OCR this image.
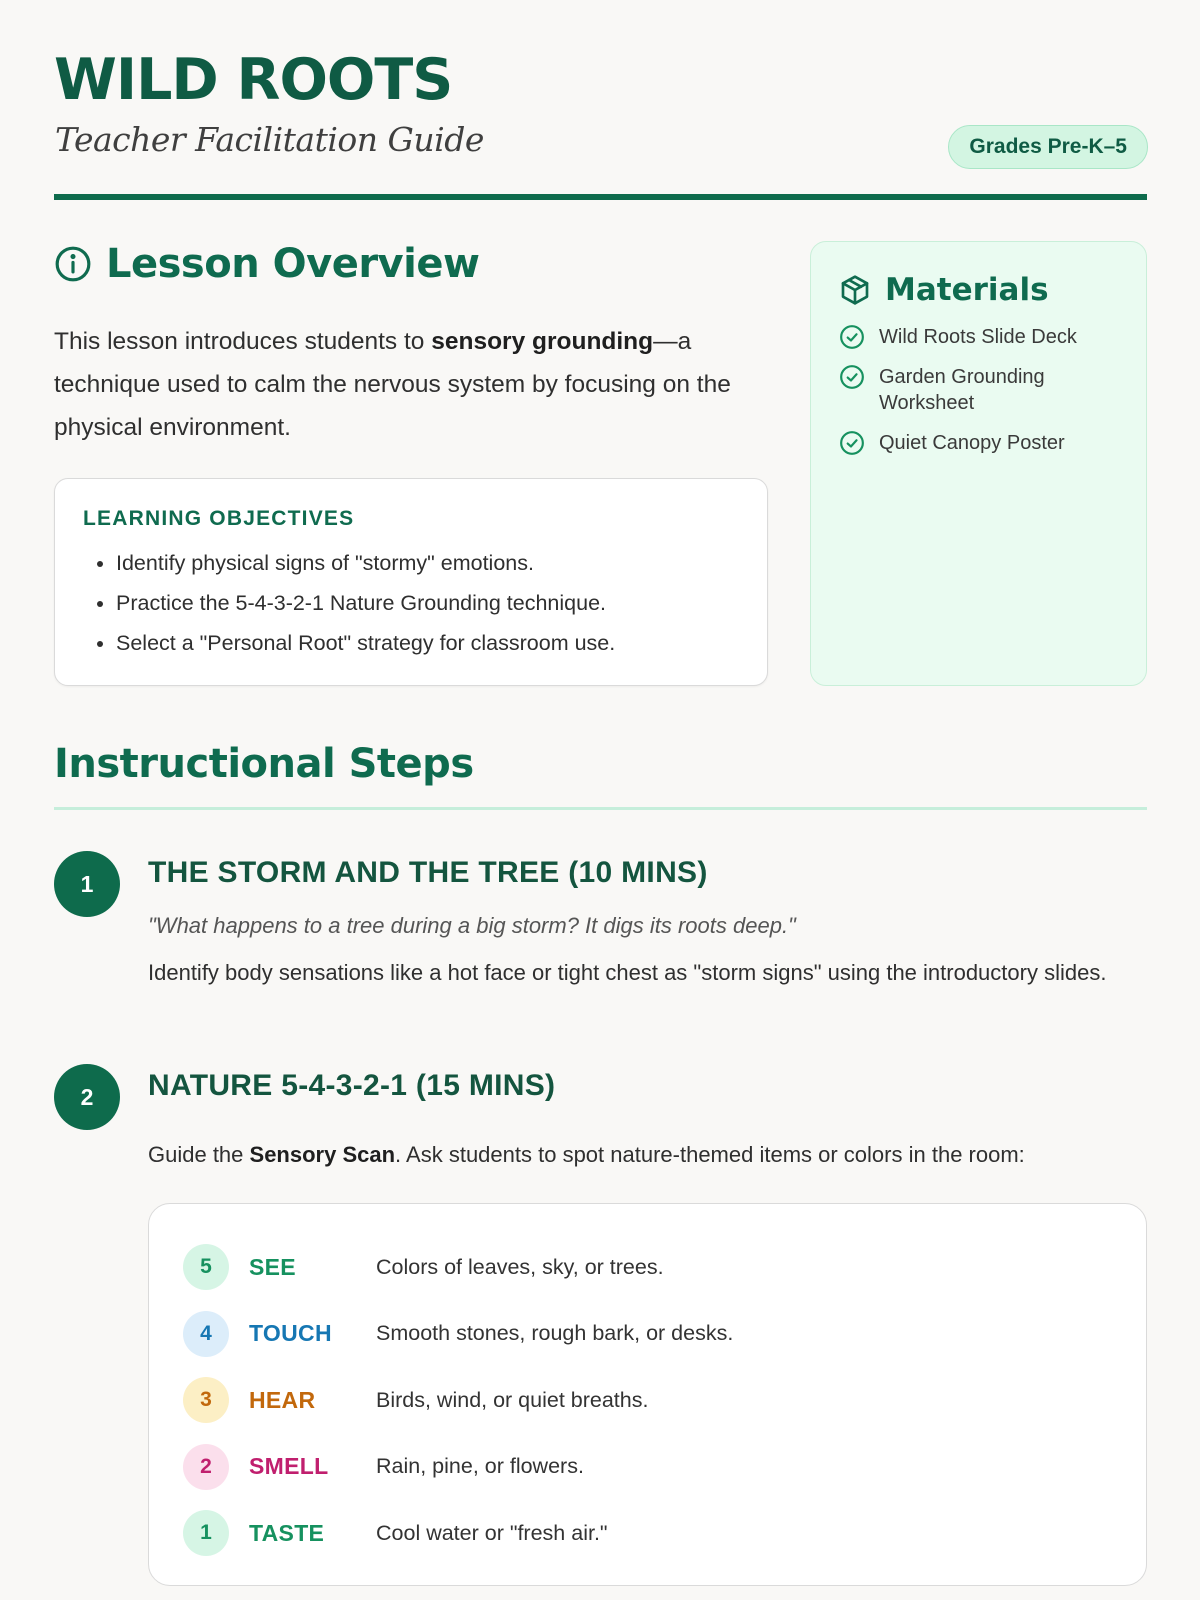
WILD ROOTS

Teacher Facilitation Guide	Grades Pre-K–5
Lesson Overview

This lesson introduces students to sensory grounding—a technique used to calm the nervous system by focusing on the physical environment.

LEARNING OBJECTIVES

• Identify physical signs of "stormy" emotions.
• Practice the 5-4-3-2-1 Nature Grounding technique.
• Select a "Personal Root" strategy for classroom use.
Materials
Wild Roots Slide Deck
Garden Grounding Worksheet
Quiet Canopy Poster
Instructional Steps
1	THE STORM AND THE TREE (10 MINS)

"What happens to a tree during a big storm? It digs its roots deep."

Identify body sensations like a hot face or tight chest as "storm signs" using the introductory slides.

2	NATURE 5-4-3-2-1 (15 MINS)

Guide the Sensory Scan. Ask students to spot nature-themed items or colors in the room:

5	SEE	Colors of leaves, sky, or trees.
4	TOUCH	Smooth stones, rough bark, or desks.
3	HEAR	Birds, wind, or quiet breaths.
2	SMELL	Rain, pine, or flowers.
1	TASTE	Cool water or "fresh air."
